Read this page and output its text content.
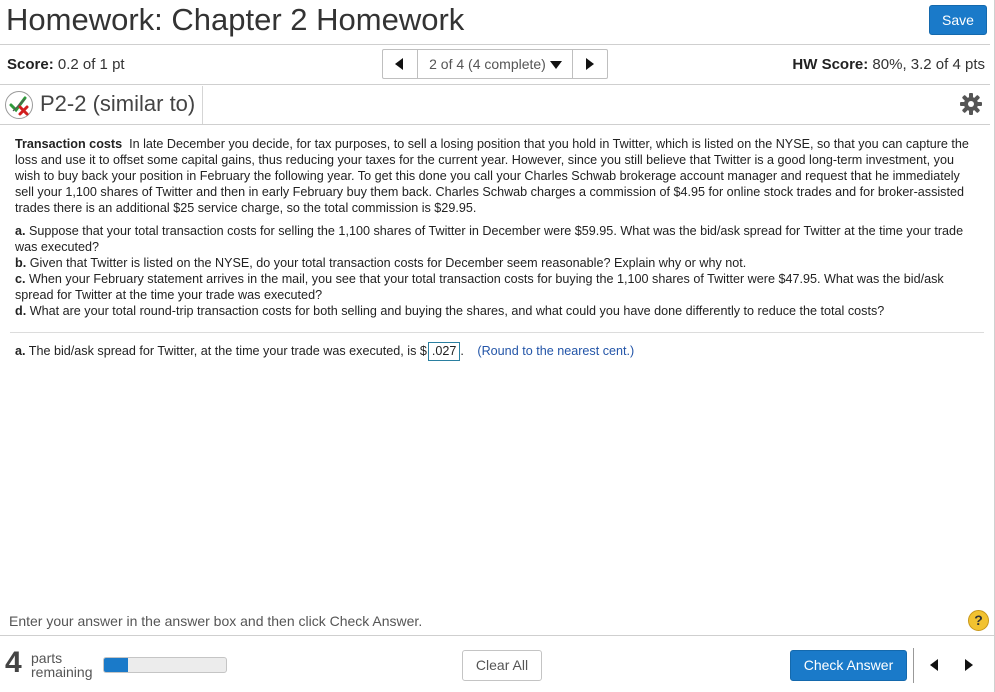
Homework: Chapter 2 Homework	Save
Score: 0.2 of 1 pt	2 of 4 (4 complete)	HW Score: 80%, 3.2 of 4 pts
P2-2 (similar to)

Transaction costs In late December you decide, for tax purposes, to sell a losing position that you hold in Twitter, which is listed on the NYSE, so that you can capture the loss and use it to offset some capital gains, thus reducing your taxes for the current year. However, since you still believe that Twitter is a good long-term investment, you wish to buy back your position in February the following year. To get this done you call your Charles Schwab brokerage account manager and request that he immediately sell your 1,100 shares of Twitter and then in early February buy them back. Charles Schwab charges a commission of $4.95 for online stock trades and for broker-assisted trades there is an additional $25 service charge, so the total commission is $29.95.

a. Suppose that your total transaction costs for selling the 1,100 shares of Twitter in December were $59.95. What was the bid/ask spread for Twitter at the time your trade was executed?
b. Given that Twitter is listed on the NYSE, do your total transaction costs for December seem reasonable? Explain why or why not.
c. When your February statement arrives in the mail, you see that your total transaction costs for buying the 1,100 shares of Twitter were $47.95. What was the bid/ask spread for Twitter at the time your trade was executed?
d. What are your total round-trip transaction costs for both selling and buying the shares, and what could you have done differently to reduce the total costs?
a. The bid/ask spread for Twitter, at the time your trade was executed, is $ .027 . (Round to the nearest cent.)
Enter your answer in the answer box and then click Check Answer.	?
4 parts
remaining	Clear All	Check Answer
